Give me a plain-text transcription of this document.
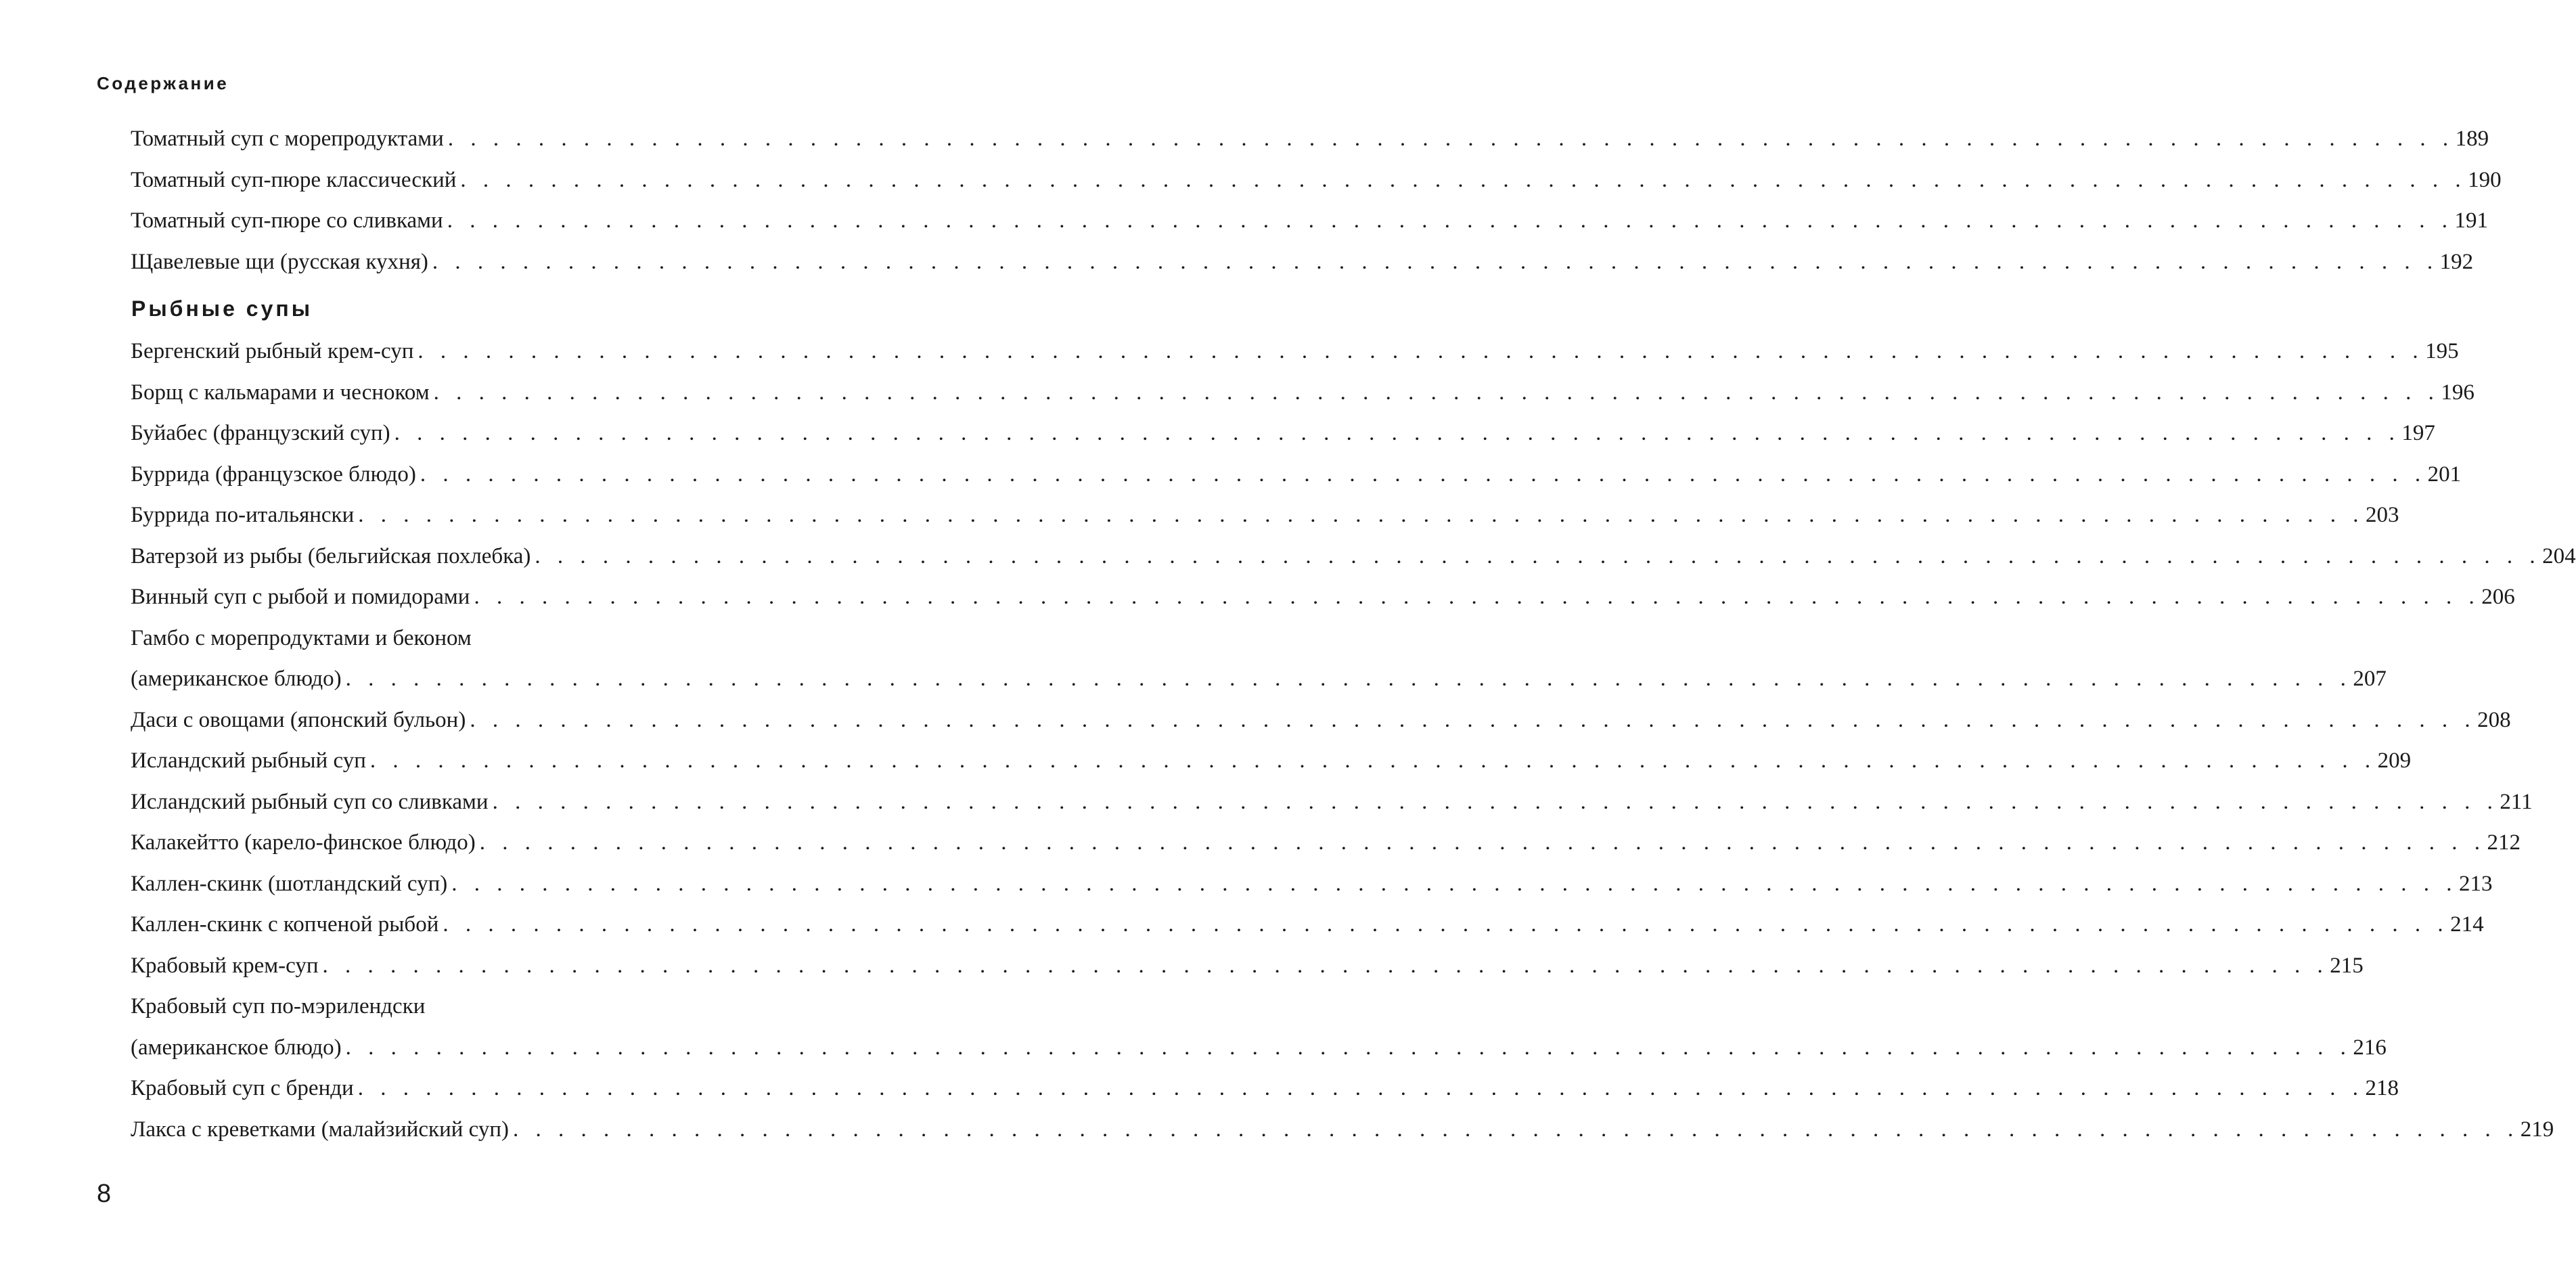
Содержание
Томатный суп с морепродуктами . . . . . . . . . . . . . . . . . . . . . . . . . . . . . . . . . . . . . . . . . . . . . . . . . . . . . . . . . . . . . . . . . . . . . . . . . . . . . . . . . . . . . . . . . 189
Томатный суп-пюре классический . . . . . . . . . . . . . . . . . . . . . . . . . . . . . . . . . . . . . . . . . . . . . . . . . . . . . . . . . . . . . . . . . . . . . . . . . . . . . . . . . . . . . . . . . 190
Томатный суп-пюре со сливками . . . . . . . . . . . . . . . . . . . . . . . . . . . . . . . . . . . . . . . . . . . . . . . . . . . . . . . . . . . . . . . . . . . . . . . . . . . . . . . . . . . . . . . . . 191
Щавелевые щи (русская кухня) . . . . . . . . . . . . . . . . . . . . . . . . . . . . . . . . . . . . . . . . . . . . . . . . . . . . . . . . . . . . . . . . . . . . . . . . . . . . . . . . . . . . . . . . . 192
Рыбные супы
Бергенский рыбный крем-суп . . . . . . . . . . . . . . . . . . . . . . . . . . . . . . . . . . . . . . . . . . . . . . . . . . . . . . . . . . . . . . . . . . . . . . . . . . . . . . . . . . . . . . . . . 195
Борщ с кальмарами и чесноком . . . . . . . . . . . . . . . . . . . . . . . . . . . . . . . . . . . . . . . . . . . . . . . . . . . . . . . . . . . . . . . . . . . . . . . . . . . . . . . . . . . . . . . . . 196
Буйабес (французский суп) . . . . . . . . . . . . . . . . . . . . . . . . . . . . . . . . . . . . . . . . . . . . . . . . . . . . . . . . . . . . . . . . . . . . . . . . . . . . . . . . . . . . . . . . . 197
Буррида (французское блюдо) . . . . . . . . . . . . . . . . . . . . . . . . . . . . . . . . . . . . . . . . . . . . . . . . . . . . . . . . . . . . . . . . . . . . . . . . . . . . . . . . . . . . . . . . . 201
Буррида по-итальянски . . . . . . . . . . . . . . . . . . . . . . . . . . . . . . . . . . . . . . . . . . . . . . . . . . . . . . . . . . . . . . . . . . . . . . . . . . . . . . . . . . . . . . . . . 203
Ватерзой из рыбы (бельгийская похлебка) . . . . . . . . . . . . . . . . . . . . . . . . . . . . . . . . . . . . . . . . . . . . . . . . . . . . . . . . . . . . . . . . . . . . . . . . . . . . . . . . . . . . . . . . . 204
Винный суп с рыбой и помидорами . . . . . . . . . . . . . . . . . . . . . . . . . . . . . . . . . . . . . . . . . . . . . . . . . . . . . . . . . . . . . . . . . . . . . . . . . . . . . . . . . . . . . . . . . 206
Гамбо с морепродуктами и беконом
(американское блюдо) . . . . . . . . . . . . . . . . . . . . . . . . . . . . . . . . . . . . . . . . . . . . . . . . . . . . . . . . . . . . . . . . . . . . . . . . . . . . . . . . . . . . . . . . . 207
Даси с овощами (японский бульон) . . . . . . . . . . . . . . . . . . . . . . . . . . . . . . . . . . . . . . . . . . . . . . . . . . . . . . . . . . . . . . . . . . . . . . . . . . . . . . . . . . . . . . . . . 208
Исландский рыбный суп . . . . . . . . . . . . . . . . . . . . . . . . . . . . . . . . . . . . . . . . . . . . . . . . . . . . . . . . . . . . . . . . . . . . . . . . . . . . . . . . . . . . . . . . . 209
Исландский рыбный суп со сливками . . . . . . . . . . . . . . . . . . . . . . . . . . . . . . . . . . . . . . . . . . . . . . . . . . . . . . . . . . . . . . . . . . . . . . . . . . . . . . . . . . . . . . . . . 211
Калакейтто (карело-финское блюдо) . . . . . . . . . . . . . . . . . . . . . . . . . . . . . . . . . . . . . . . . . . . . . . . . . . . . . . . . . . . . . . . . . . . . . . . . . . . . . . . . . . . . . . . . . 212
Каллен-скинк (шотландский суп) . . . . . . . . . . . . . . . . . . . . . . . . . . . . . . . . . . . . . . . . . . . . . . . . . . . . . . . . . . . . . . . . . . . . . . . . . . . . . . . . . . . . . . . . . 213
Каллен-скинк с копченой рыбой . . . . . . . . . . . . . . . . . . . . . . . . . . . . . . . . . . . . . . . . . . . . . . . . . . . . . . . . . . . . . . . . . . . . . . . . . . . . . . . . . . . . . . . . . 214
Крабовый крем-суп . . . . . . . . . . . . . . . . . . . . . . . . . . . . . . . . . . . . . . . . . . . . . . . . . . . . . . . . . . . . . . . . . . . . . . . . . . . . . . . . . . . . . . . . . 215
Крабовый суп по-мэрилендски
(американское блюдо) . . . . . . . . . . . . . . . . . . . . . . . . . . . . . . . . . . . . . . . . . . . . . . . . . . . . . . . . . . . . . . . . . . . . . . . . . . . . . . . . . . . . . . . . . 216
Крабовый суп с бренди . . . . . . . . . . . . . . . . . . . . . . . . . . . . . . . . . . . . . . . . . . . . . . . . . . . . . . . . . . . . . . . . . . . . . . . . . . . . . . . . . . . . . . . . . 218
Лакса с креветками (малайзийский суп) . . . . . . . . . . . . . . . . . . . . . . . . . . . . . . . . . . . . . . . . . . . . . . . . . . . . . . . . . . . . . . . . . . . . . . . . . . . . . . . . . . . . . . . . . 219
8
